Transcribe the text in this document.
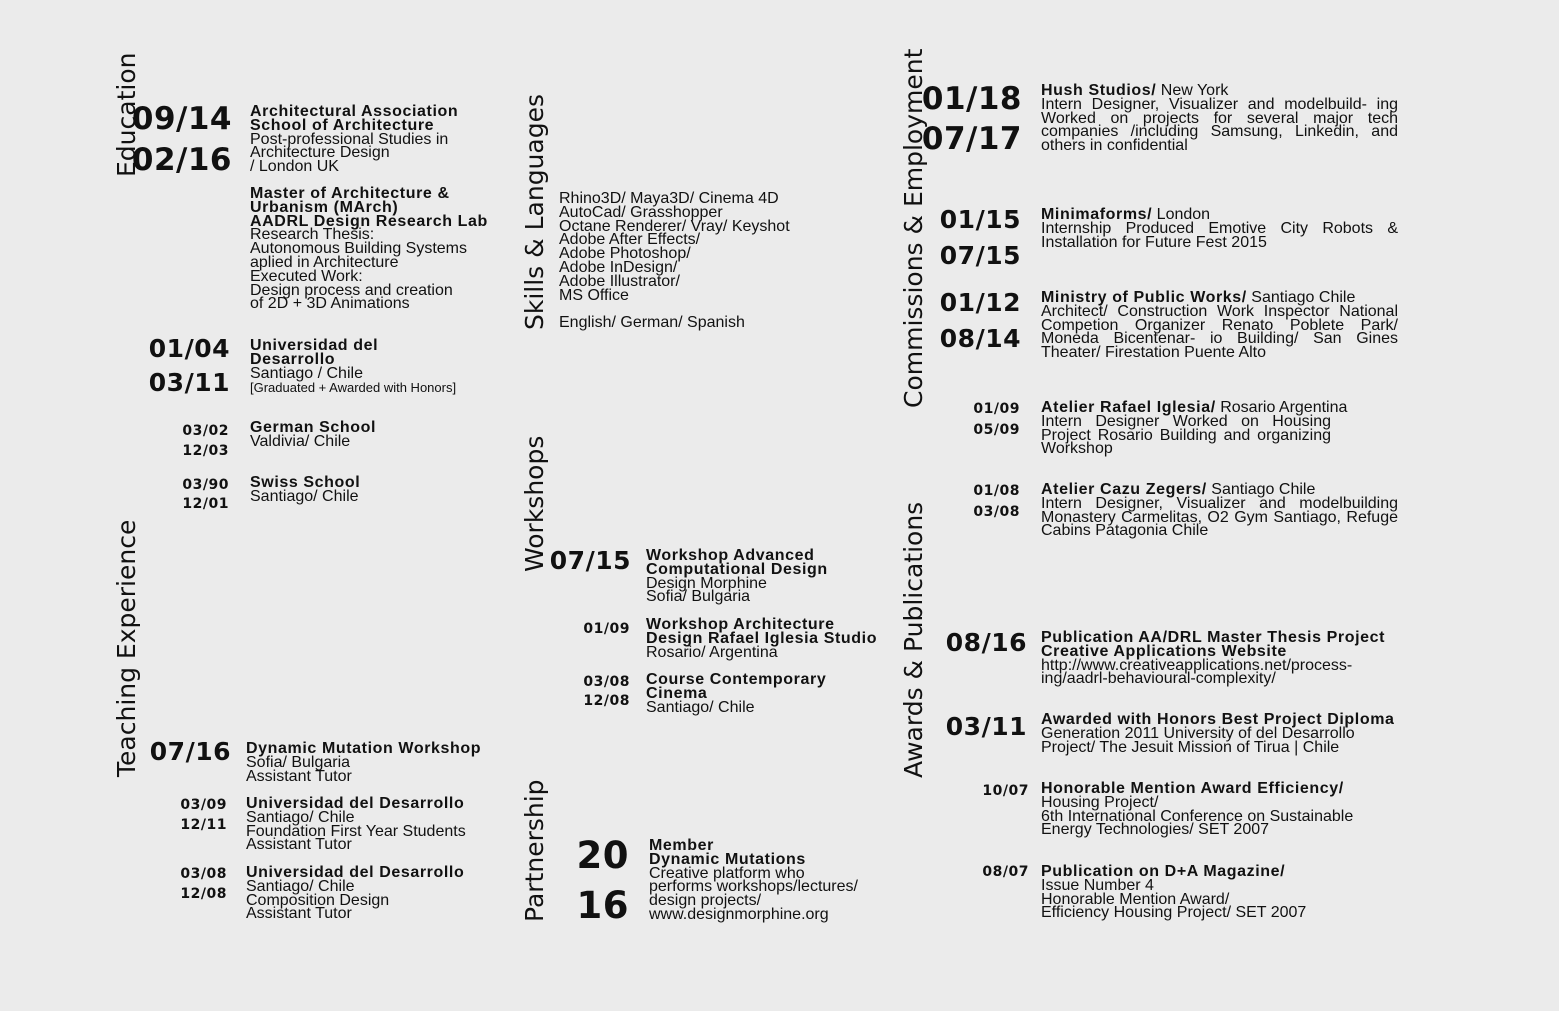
Education
Teaching Experience
Skills & Languages
Workshops
Partnership
Commissions & Employment
Awards & Publications
09/14
02/16
Architectural Association
School of Architecture
Post-professional Studies in
Architecture Design
/ London UK
Master of Architecture &
Urbanism (MArch)
AADRL Design Research Lab
Research Thesis:
Autonomous Building Systems
aplied in Architecture
Executed Work:
Design process and creation
of 2D + 3D Animations
01/04
03/11
Universidad del
Desarrollo
Santiago / Chile
[Graduated + Awarded with Honors]
03/02
12/03
German School
Valdivia/ Chile
03/90
12/01
Swiss School
Santiago/ Chile
07/16 Dynamic Mutation Workshop
Sofia/ Bulgaria
Assistant Tutor
03/09
12/11
Universidad del Desarrollo
Santiago/ Chile
Foundation First Year Students
Assistant Tutor
03/08
12/08
Universidad del Desarrollo
Santiago/ Chile
Composition Design
Assistant Tutor
Rhino3D/ Maya3D/ Cinema 4D
AutoCad/ Grasshopper
Octane Renderer/ Vray/ Keyshot
Adobe After Effects/
Adobe Photoshop/
Adobe InDesign/
Adobe Illustrator/
MS Office
English/ German/ Spanish
07/15 Workshop Advanced
Computational Design
Design Morphine
Sofia/ Bulgaria
01/09 Workshop Architecture
Design Rafael Iglesia Studio
Rosario/ Argentina
03/08
12/08
Course Contemporary
Cinema
Santiago/ Chile
20
16
Member
Dynamic Mutations
Creative platform who
performs workshops/lectures/
design projects/
www.designmorphine.org
01/18
07/17
Hush Studios/ New York
Intern Designer, Visualizer and modelbuild- ing Worked on projects for several major tech companies /including Samsung, Linkedin, and others in confidential
01/15
07/15
Minimaforms/ London
Internship Produced Emotive City Robots & Installation for Future Fest 2015
01/12
08/14
Ministry of Public Works/ Santiago Chile
Architect/ Construction Work Inspector National Competion Organizer Renato Poblete Park/ Moneda Bicentenar- io Building/ San Gines Theater/ Firestation Puente Alto
01/09
05/09
Atelier Rafael Iglesia/ Rosario Argentina
Intern Designer Worked on Housing Project Rosario Building and organizing Workshop
01/08
03/08
Atelier Cazu Zegers/ Santiago Chile
Intern Designer, Visualizer and modelbuilding Monastery Carmelitas, O2 Gym Santiago, Refuge Cabins Patagonia Chile
08/16 Publication AA/DRL Master Thesis Project
Creative Applications Website
http://www.creativeapplications.net/process-
ing/aadrl-behavioural-complexity/
03/11 Awarded with Honors Best Project Diploma
Generation 2011 University of del Desarrollo
Project/ The Jesuit Mission of Tirua | Chile
10/07 Honorable Mention Award Efficiency/
Housing Project/
6th International Conference on Sustainable
Energy Technologies/ SET 2007
08/07 Publication on D+A Magazine/
Issue Number 4
Honorable Mention Award/
Efficiency Housing Project/ SET 2007
